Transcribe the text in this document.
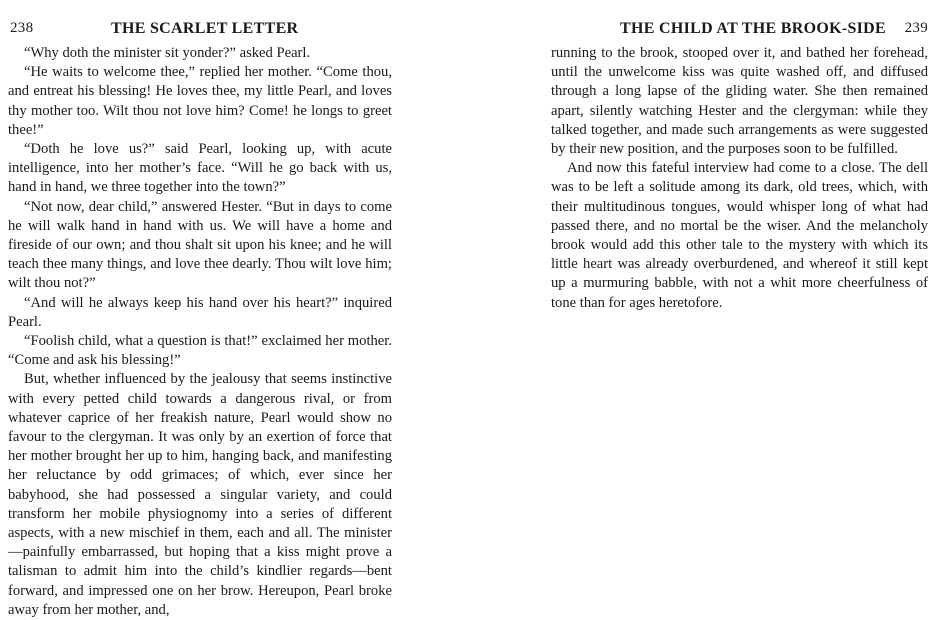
238	THE SCARLET LETTER

“Why doth the minister sit yonder?” asked Pearl.

“He waits to welcome thee,” replied her mother. “Come thou, and entreat his blessing! He loves thee, my little Pearl, and loves thy mother too. Wilt thou not love him? Come! he longs to greet thee!”

“Doth he love us?” said Pearl, looking up, with acute intelligence, into her mother’s face. “Will he go back with us, hand in hand, we three together into the town?”

“Not now, dear child,” answered Hester. “But in days to come he will walk hand in hand with us. We will have a home and fireside of our own; and thou shalt sit upon his knee; and he will teach thee many things, and love thee dearly. Thou wilt love him; wilt thou not?”

“And will he always keep his hand over his heart?” inquired Pearl.

“Foolish child, what a question is that!” exclaimed her mother. “Come and ask his blessing!”

But, whether influenced by the jealousy that seems instinctive with every petted child towards a dangerous rival, or from whatever caprice of her freakish nature, Pearl would show no favour to the clergyman. It was only by an exertion of force that her mother brought her up to him, hanging back, and manifesting her reluctance by odd grimaces; of which, ever since her babyhood, she had possessed a singular variety, and could transform her mobile physiognomy into a series of different aspects, with a new mischief in them, each and all. The minister —painfully embarrassed, but hoping that a kiss might prove a talisman to admit him into the child’s kindlier regards—bent forward, and impressed one on her brow. Hereupon, Pearl broke away from her mother, and,

THE CHILD AT THE BROOK-SIDE 239

running to the brook, stooped over it, and bathed her forehead, until the unwelcome kiss was quite washed off, and diffused through a long lapse of the gliding water. She then remained apart, silently watching Hester and the clergyman: while they talked together, and made such arrangements as were suggested by their new position, and the purposes soon to be fulfilled.

And now this fateful interview had come to a close. The dell was to be left a solitude among its dark, old trees, which, with their multitudinous tongues, would whisper long of what had passed there, and no mortal be the wiser. And the melancholy brook would add this other tale to the mystery with which its little heart was already overburdened, and whereof it still kept up a murmuring babble, with not a whit more cheerfulness of tone than for ages heretofore.
